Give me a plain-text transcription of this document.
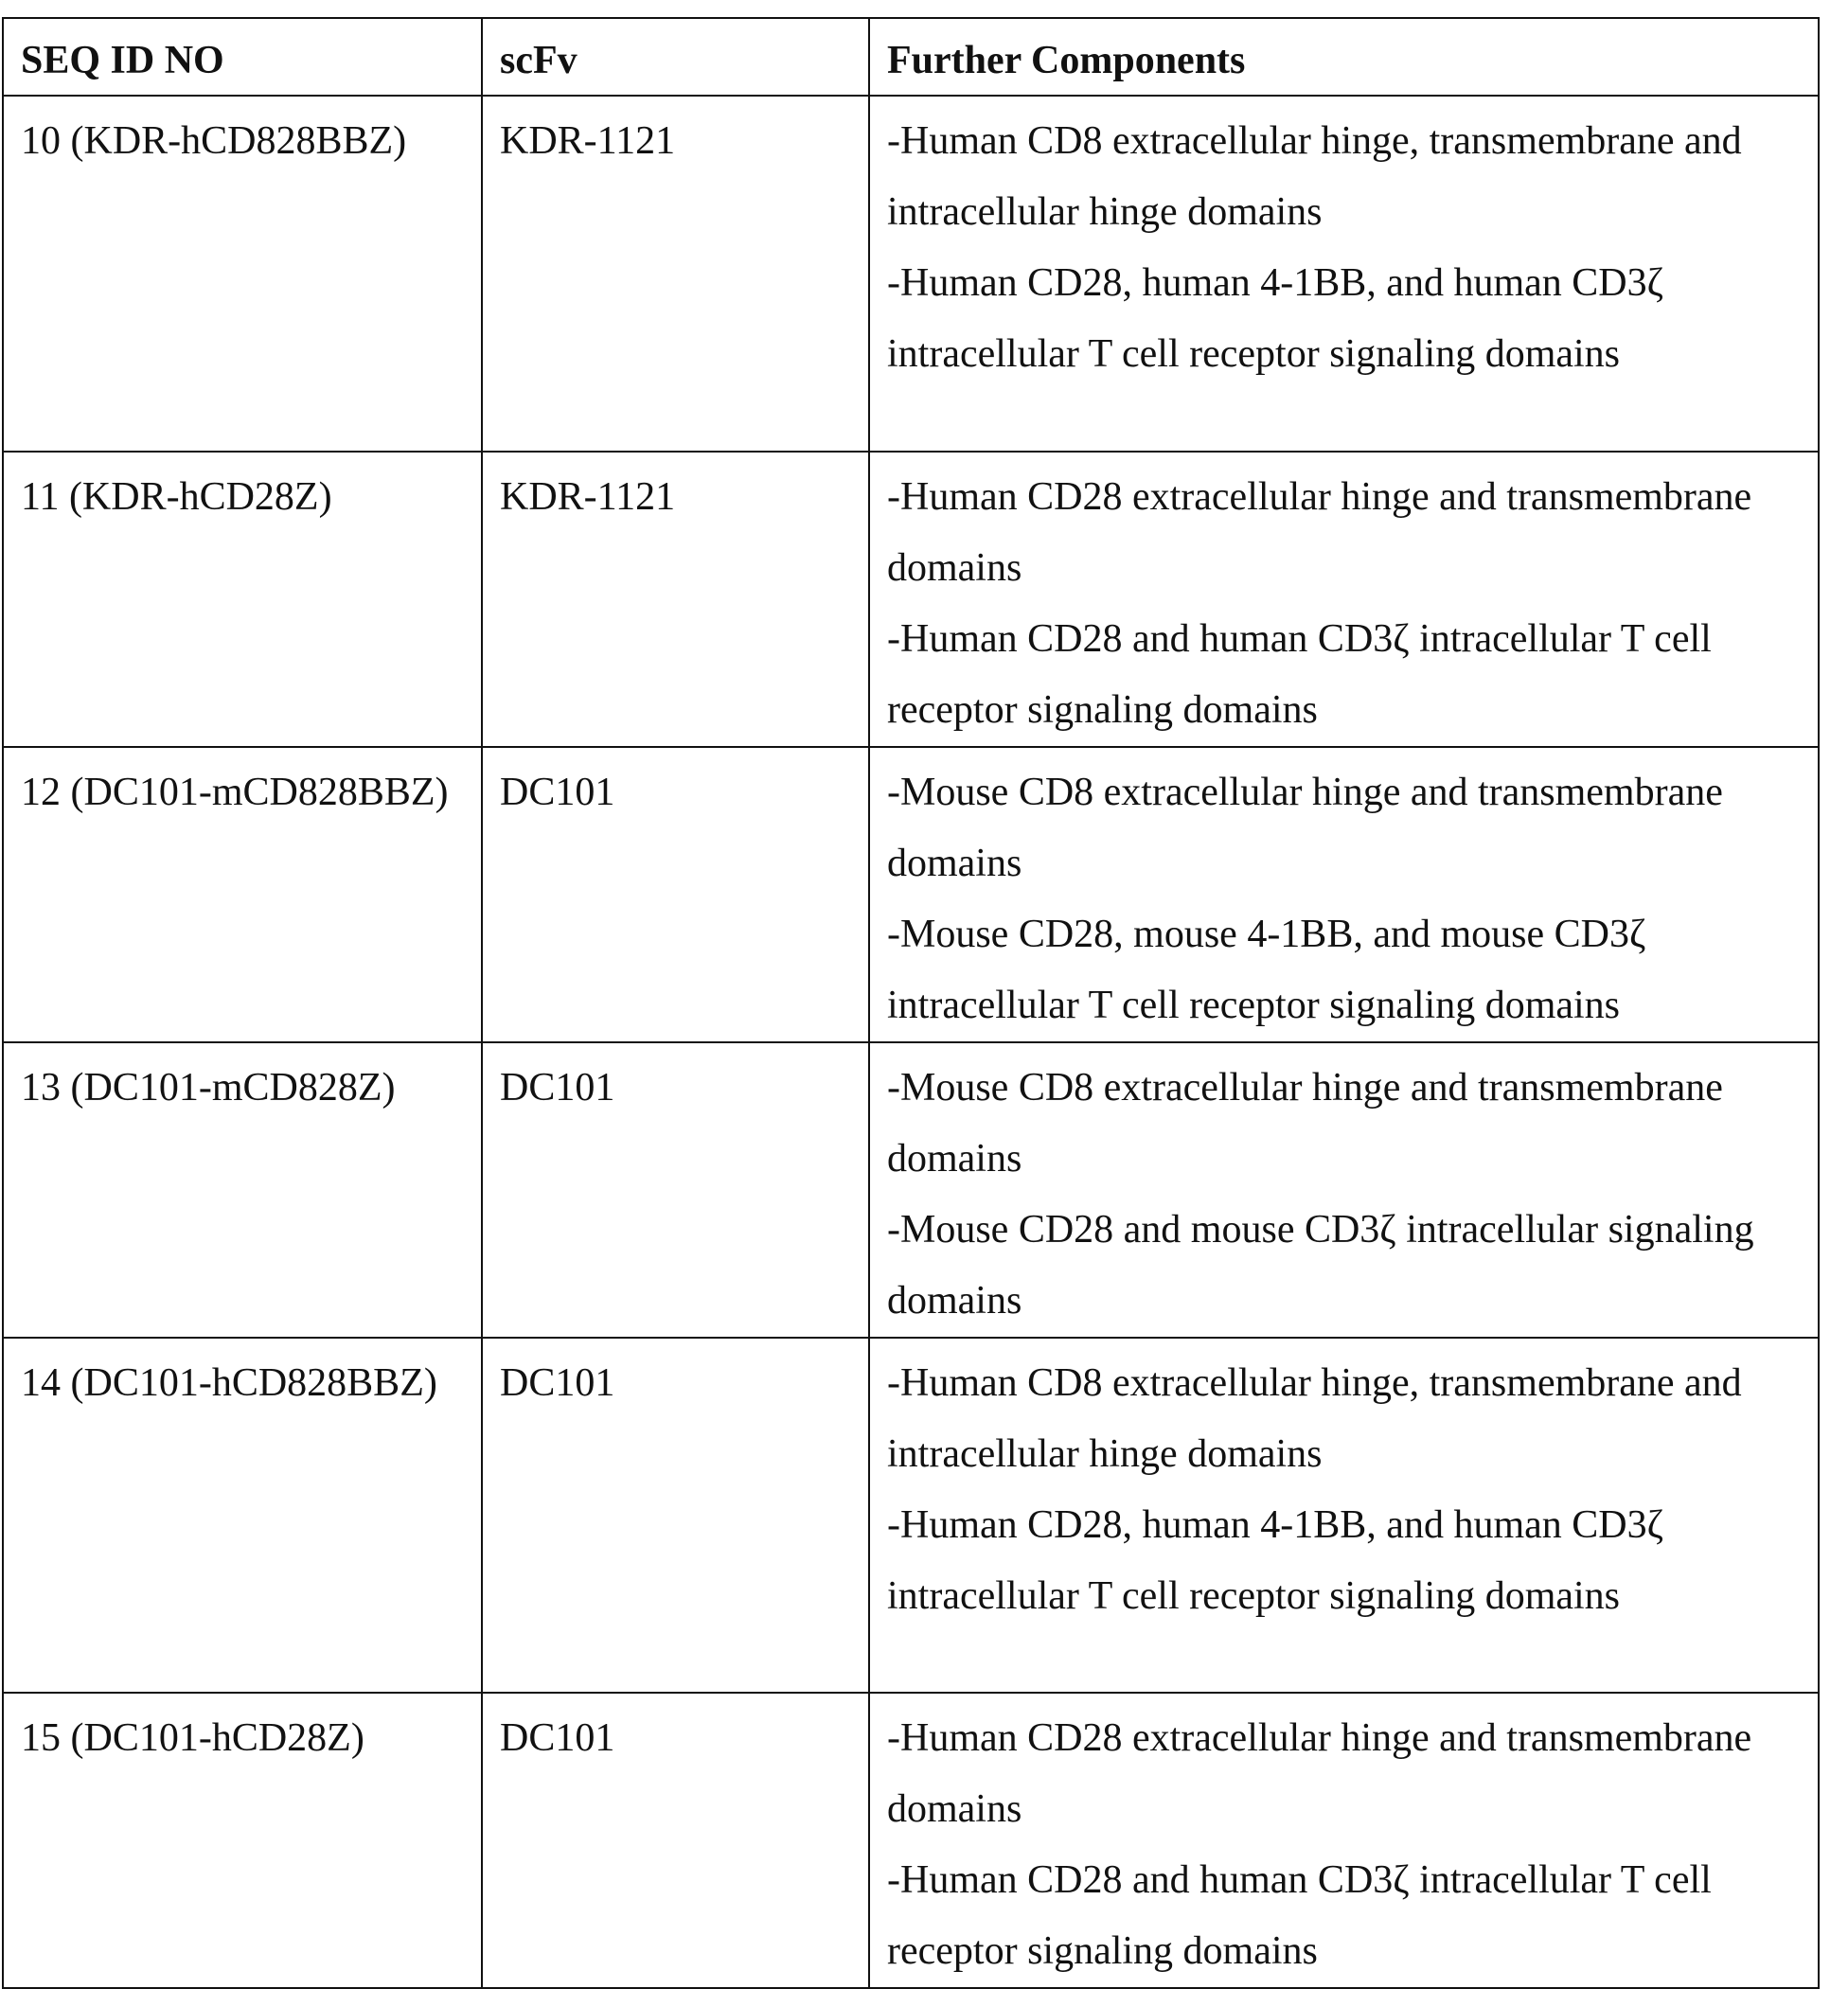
SEQ ID NO	scFv	Further Components
10 (KDR-hCD828BBZ)	KDR-1121	-Human CD8 extracellular hinge, transmembrane and intracellular hinge domains
-Human CD28, human 4-1BB, and human CD3ζ intracellular T cell receptor signaling domains

11 (KDR-hCD28Z)	KDR-1121	-Human CD28 extracellular hinge and transmembrane domains
-Human CD28 and human CD3ζ intracellular T cell receptor signaling domains

12 (DC101-mCD828BBZ)	DC101	-Mouse CD8 extracellular hinge and transmembrane domains
-Mouse CD28, mouse 4-1BB, and mouse CD3ζ intracellular T cell receptor signaling domains

13 (DC101-mCD828Z)	DC101	-Mouse CD8 extracellular hinge and transmembrane domains
-Mouse CD28 and mouse CD3ζ intracellular signaling domains

14 (DC101-hCD828BBZ)	DC101	-Human CD8 extracellular hinge, transmembrane and intracellular hinge domains
-Human CD28, human 4-1BB, and human CD3ζ intracellular T cell receptor signaling domains

15 (DC101-hCD28Z)	DC101	-Human CD28 extracellular hinge and transmembrane domains
-Human CD28 and human CD3ζ intracellular T cell receptor signaling domains
